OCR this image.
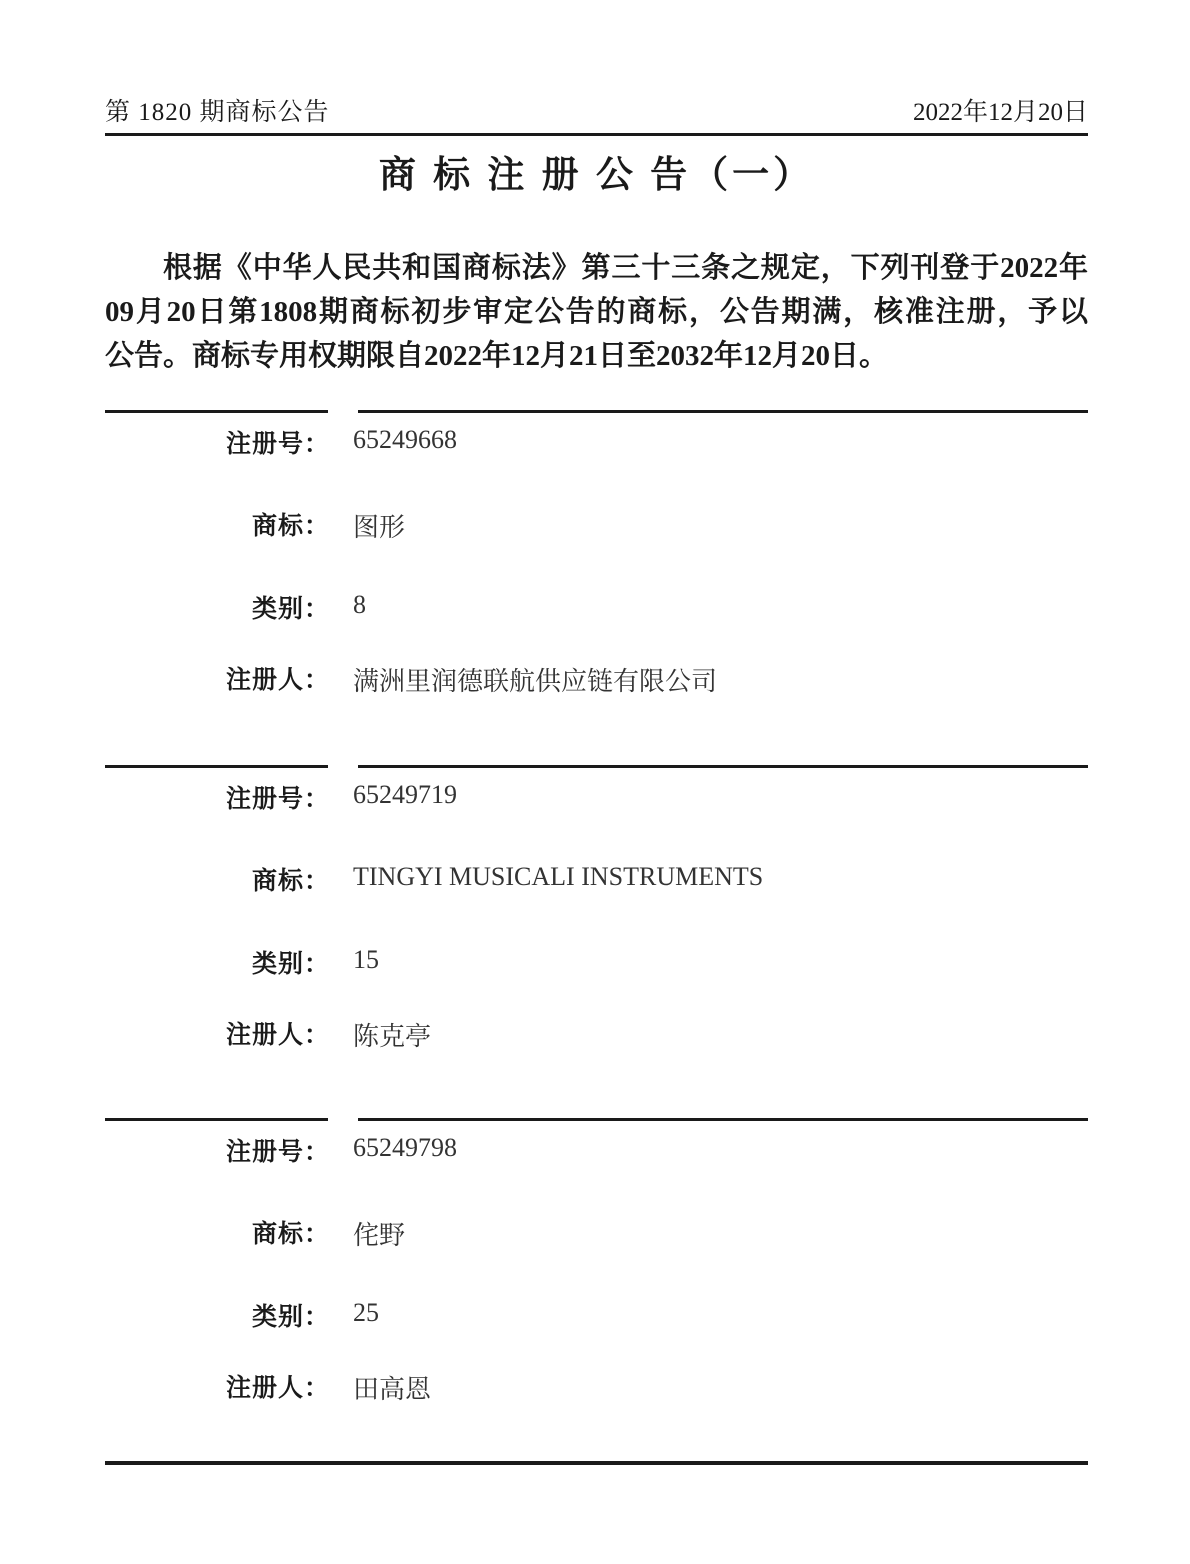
第 1820 期商标公告	2022年12月20日
商 标 注 册 公 告（一）
根据《中华人民共和国商标法》第三十三条之规定，下列刊登于2022年
09月20日第1808期商标初步审定公告的商标，公告期满，核准注册，予以
公告。商标专用权期限自2022年12月21日至2032年12月20日。
注册号： 65249668
商标： 图形
类别： 8
注册人： 满洲里润德联航供应链有限公司
注册号： 65249719
商标： TINGYI MUSICALI INSTRUMENTS
类别： 15
注册人： 陈克亭
注册号： 65249798
商标： 侘野
类别： 25
注册人： 田高恩
